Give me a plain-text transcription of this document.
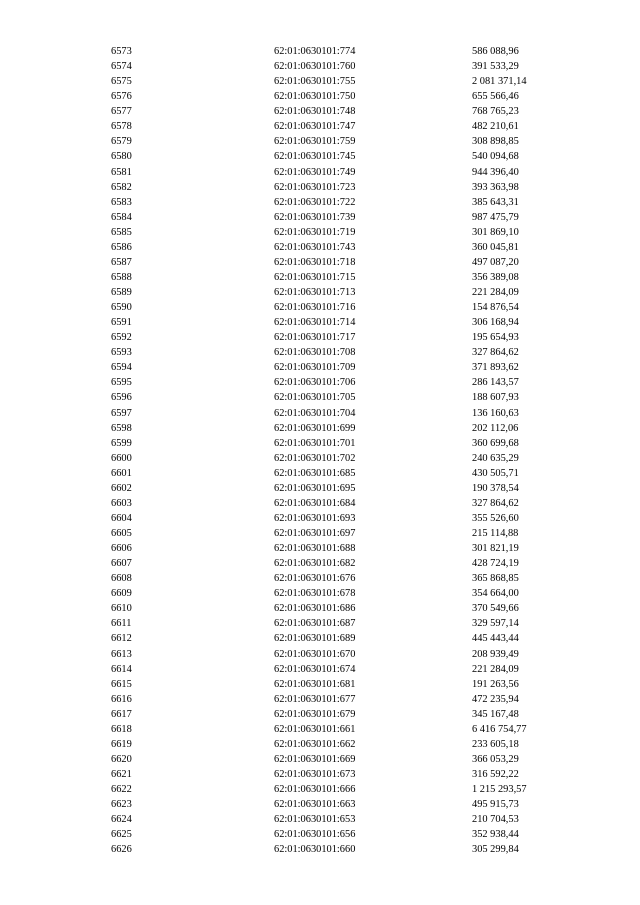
6573	62:01:0630101:774	586 088,96
6574	62:01:0630101:760	391 533,29
6575	62:01:0630101:755	2 081 371,14
6576	62:01:0630101:750	655 566,46
6577	62:01:0630101:748	768 765,23
6578	62:01:0630101:747	482 210,61
6579	62:01:0630101:759	308 898,85
6580	62:01:0630101:745	540 094,68
6581	62:01:0630101:749	944 396,40
6582	62:01:0630101:723	393 363,98
6583	62:01:0630101:722	385 643,31
6584	62:01:0630101:739	987 475,79
6585	62:01:0630101:719	301 869,10
6586	62:01:0630101:743	360 045,81
6587	62:01:0630101:718	497 087,20
6588	62:01:0630101:715	356 389,08
6589	62:01:0630101:713	221 284,09
6590	62:01:0630101:716	154 876,54
6591	62:01:0630101:714	306 168,94
6592	62:01:0630101:717	195 654,93
6593	62:01:0630101:708	327 864,62
6594	62:01:0630101:709	371 893,62
6595	62:01:0630101:706	286 143,57
6596	62:01:0630101:705	188 607,93
6597	62:01:0630101:704	136 160,63
6598	62:01:0630101:699	202 112,06
6599	62:01:0630101:701	360 699,68
6600	62:01:0630101:702	240 635,29
6601	62:01:0630101:685	430 505,71
6602	62:01:0630101:695	190 378,54
6603	62:01:0630101:684	327 864,62
6604	62:01:0630101:693	355 526,60
6605	62:01:0630101:697	215 114,88
6606	62:01:0630101:688	301 821,19
6607	62:01:0630101:682	428 724,19
6608	62:01:0630101:676	365 868,85
6609	62:01:0630101:678	354 664,00
6610	62:01:0630101:686	370 549,66
6611	62:01:0630101:687	329 597,14
6612	62:01:0630101:689	445 443,44
6613	62:01:0630101:670	208 939,49
6614	62:01:0630101:674	221 284,09
6615	62:01:0630101:681	191 263,56
6616	62:01:0630101:677	472 235,94
6617	62:01:0630101:679	345 167,48
6618	62:01:0630101:661	6 416 754,77
6619	62:01:0630101:662	233 605,18
6620	62:01:0630101:669	366 053,29
6621	62:01:0630101:673	316 592,22
6622	62:01:0630101:666	1 215 293,57
6623	62:01:0630101:663	495 915,73
6624	62:01:0630101:653	210 704,53
6625	62:01:0630101:656	352 938,44
6626	62:01:0630101:660	305 299,84
